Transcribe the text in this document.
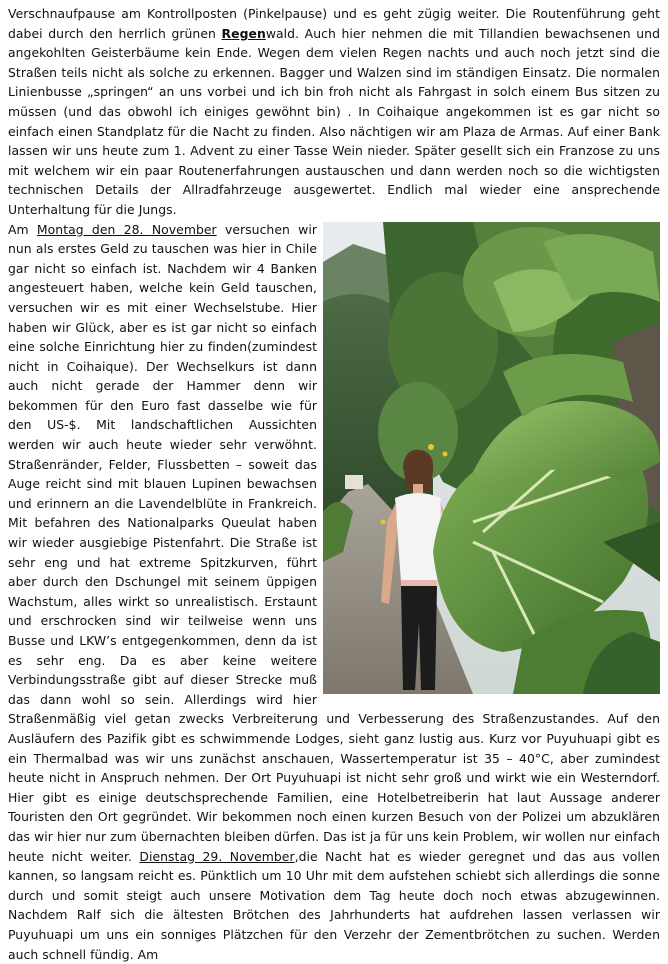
Verschnaufpause am Kontrollposten (Pinkelpause) und es geht zügig weiter. Die Routenführung geht dabei durch den herrlich grünen Regenwald. Auch hier nehmen die mit Tillandien bewachsenen und angekohlten Geisterbäume kein Ende. Wegen dem vielen Regen nachts und auch noch jetzt sind die Straßen teils nicht als solche zu erkennen. Bagger und Walzen sind im ständigen Einsatz. Die normalen Linienbusse „springen“ an uns vorbei und ich bin froh nicht als Fahrgast in solch einem Bus sitzen zu müssen (und das obwohl ich einiges gewöhnt bin) . In Coihaique angekommen ist es gar nicht so einfach einen Standplatz für die Nacht zu finden. Also nächtigen wir am Plaza de Armas. Auf einer Bank lassen wir uns heute zum 1. Advent zu einer Tasse Wein nieder. Später gesellt sich ein Franzose zu uns mit welchem wir ein paar Routenerfahrungen austauschen und dann werden noch so die wichtigsten technischen Details der Allradfahrzeuge ausgewertet. Endlich mal wieder eine ansprechende Unterhaltung für die Jungs.

Am Montag den 28. November versuchen wir nun als erstes Geld zu tauschen was hier in Chile gar nicht so einfach ist. Nachdem wir 4 Banken angesteuert haben, welche kein Geld tauschen, versuchen wir es mit einer Wechselstube. Hier haben wir Glück, aber es ist gar nicht so einfach eine solche Einrichtung hier zu finden(zumindest nicht in Coihaique). Der Wechselkurs ist dann auch nicht gerade der Hammer denn wir bekommen für den Euro fast dasselbe wie für den US-$. Mit landschaftlichen Aussichten werden wir auch heute wieder sehr verwöhnt. Straßenränder, Felder, Flussbetten – soweit das Auge reicht sind mit blauen Lupinen bewachsen und erinnern an die Lavendelblüte in Frankreich. Mit befahren des Nationalparks Queulat haben wir wieder ausgiebige Pistenfahrt. Die Straße ist sehr eng und hat extreme Spitzkurven, führt aber durch den Dschungel mit seinem üppigen Wachstum, alles wirkt so unrealistisch. Erstaunt und erschrocken sind wir teilweise wenn uns Busse und LKW’s entgegenkommen, denn da ist es sehr eng. Da es aber keine weitere Verbindungsstraße gibt auf dieser Strecke muß das dann wohl so sein. Allerdings wird hier Straßenmäßig viel getan zwecks Verbreiterung und Verbesserung des Straßenzustandes. Auf den Ausläufern des Pazifik gibt es schwimmende Lodges, sieht ganz lustig aus. Kurz vor Puyuhuapi gibt es ein Thermalbad was wir uns zunächst anschauen, Wassertemperatur ist 35 – 40°C, aber zumindest heute nicht in Anspruch nehmen. Der Ort Puyuhuapi ist nicht sehr groß und wirkt wie ein Westerndorf. Hier gibt es einige deutschsprechende Familien, eine Hotelbetreiberin hat laut Aussage anderer Touristen den Ort gegründet. Wir bekommen noch einen kurzen Besuch von der Polizei um abzuklären das wir hier nur zum übernachten bleiben dürfen. Das ist ja für uns kein Problem, wir wollen nur einfach heute nicht weiter. Dienstag 29. November,die Nacht hat es wieder geregnet und das aus vollen kannen, so langsam reicht es. Pünktlich um 10 Uhr mit dem aufstehen schiebt sich allerdings die sonne durch und somit steigt auch unsere Motivation dem Tag heute doch noch etwas abzugewinnen. Nachdem Ralf sich die ältesten Brötchen des Jahrhunderts hat aufdrehen lassen verlassen wir Puyuhuapi um uns ein sonniges Plätzchen für den Verzehr der Zementbrötchen zu suchen. Werden auch schnell fündig. Am
